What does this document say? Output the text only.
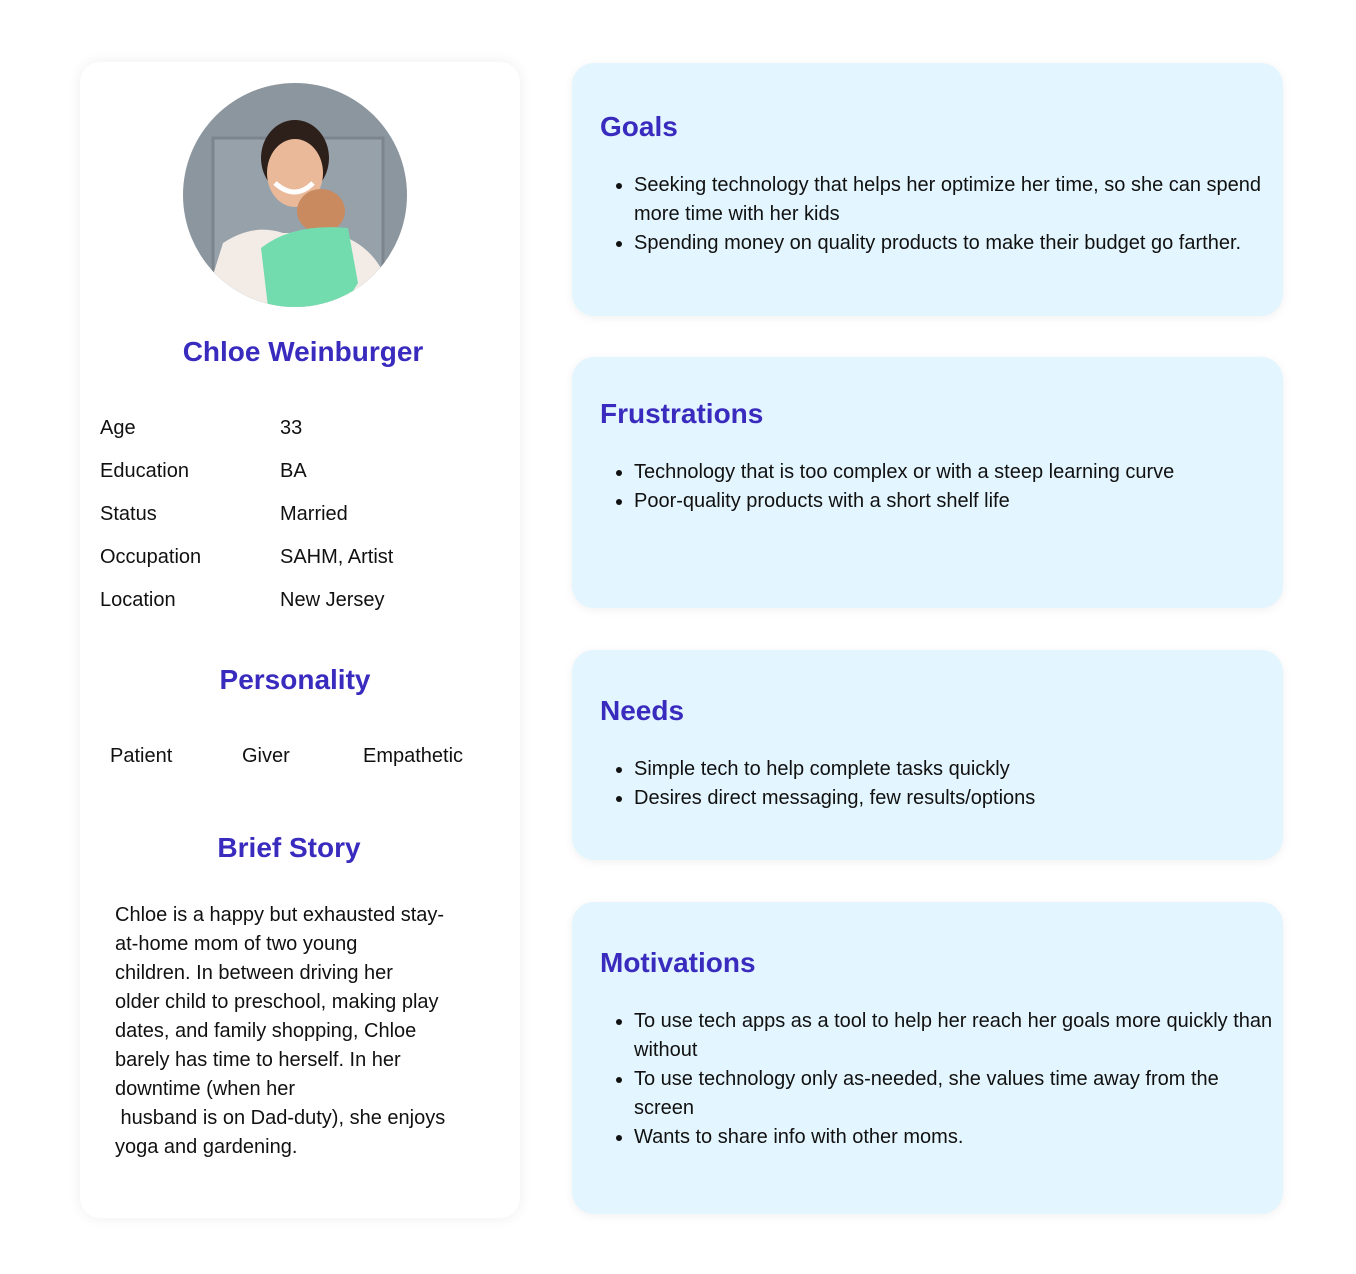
Chloe Weinburger
Age	33
Education	BA
Status	Married
Occupation	SAHM, Artist
Location	New Jersey
Personality
Patient	Giver	Empathetic
Brief Story
Chloe is a happy but exhausted stay-
at-home mom of two young
children. In between driving her
older child to preschool, making play
dates, and family shopping, Chloe
barely has time to herself. In her
downtime (when her
husband is on Dad-duty), she enjoys
yoga and gardening.
Goals
• Seeking technology that helps her optimize her time, so she can spend more time with her kids
• Spending money on quality products to make their budget go farther.
Frustrations
• Technology that is too complex or with a steep learning curve
• Poor-quality products with a short shelf life
Needs
• Simple tech to help complete tasks quickly
• Desires direct messaging, few results/options
Motivations
• To use tech apps as a tool to help her reach her goals more quickly than without
• To use technology only as-needed, she values time away from the screen
• Wants to share info with other moms.
